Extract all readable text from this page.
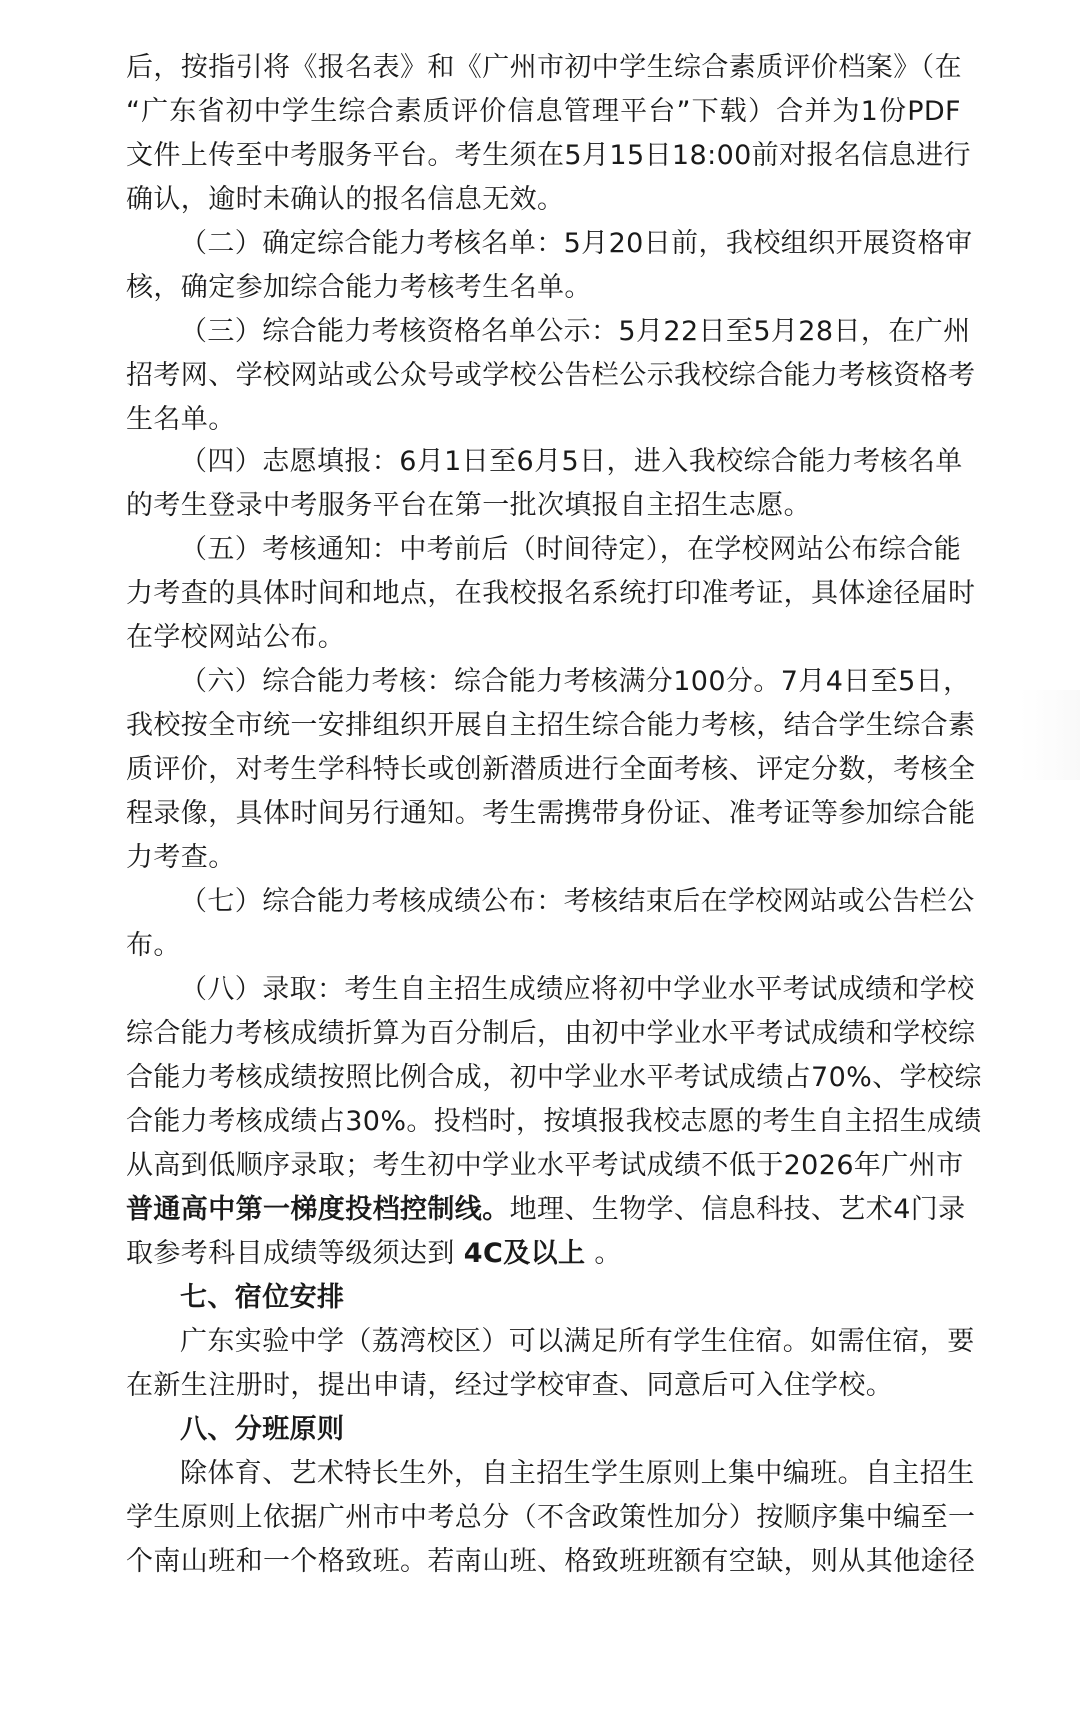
后，按指引将《报名表》和《广州市初中学生综合素质评价档案》（在
“广东省初中学生综合素质评价信息管理平台”下载）合并为1份PDF
文件上传至中考服务平台。考生须在5月15日18:00前对报名信息进行
确认，逾时未确认的报名信息无效。
（二）确定综合能力考核名单：5月20日前，我校组织开展资格审
核，确定参加综合能力考核考生名单。
（三）综合能力考核资格名单公示：5月22日至5月28日，在广州
招考网、学校网站或公众号或学校公告栏公示我校综合能力考核资格考
生名单。
（四）志愿填报：6月1日至6月5日，进入我校综合能力考核名单
的考生登录中考服务平台在第一批次填报自主招生志愿。
（五）考核通知：中考前后（时间待定），在学校网站公布综合能
力考查的具体时间和地点，在我校报名系统打印准考证，具体途径届时
在学校网站公布。
（六）综合能力考核：综合能力考核满分100分。7月4日至5日，
我校按全市统一安排组织开展自主招生综合能力考核，结合学生综合素
质评价，对考生学科特长或创新潜质进行全面考核、评定分数，考核全
程录像，具体时间另行通知。考生需携带身份证、准考证等参加综合能
力考查。
（七）综合能力考核成绩公布：考核结束后在学校网站或公告栏公
布。
（八）录取：考生自主招生成绩应将初中学业水平考试成绩和学校
综合能力考核成绩折算为百分制后，由初中学业水平考试成绩和学校综
合能力考核成绩按照比例合成，初中学业水平考试成绩占70%、学校综
合能力考核成绩占30%。投档时，按填报我校志愿的考生自主招生成绩
从高到低顺序录取；考生初中学业水平考试成绩不低于2026年广州市
普通高中第一梯度投档控制线。地理、生物学、信息科技、艺术4门录
取参考科目成绩等级须达到 4C及以上 。
七、宿位安排
广东实验中学（荔湾校区）可以满足所有学生住宿。如需住宿，要
在新生注册时，提出申请，经过学校审查、同意后可入住学校。
八、分班原则
除体育、艺术特长生外，自主招生学生原则上集中编班。自主招生
学生原则上依据广州市中考总分（不含政策性加分）按顺序集中编至一
个南山班和一个格致班。若南山班、格致班班额有空缺，则从其他途径
